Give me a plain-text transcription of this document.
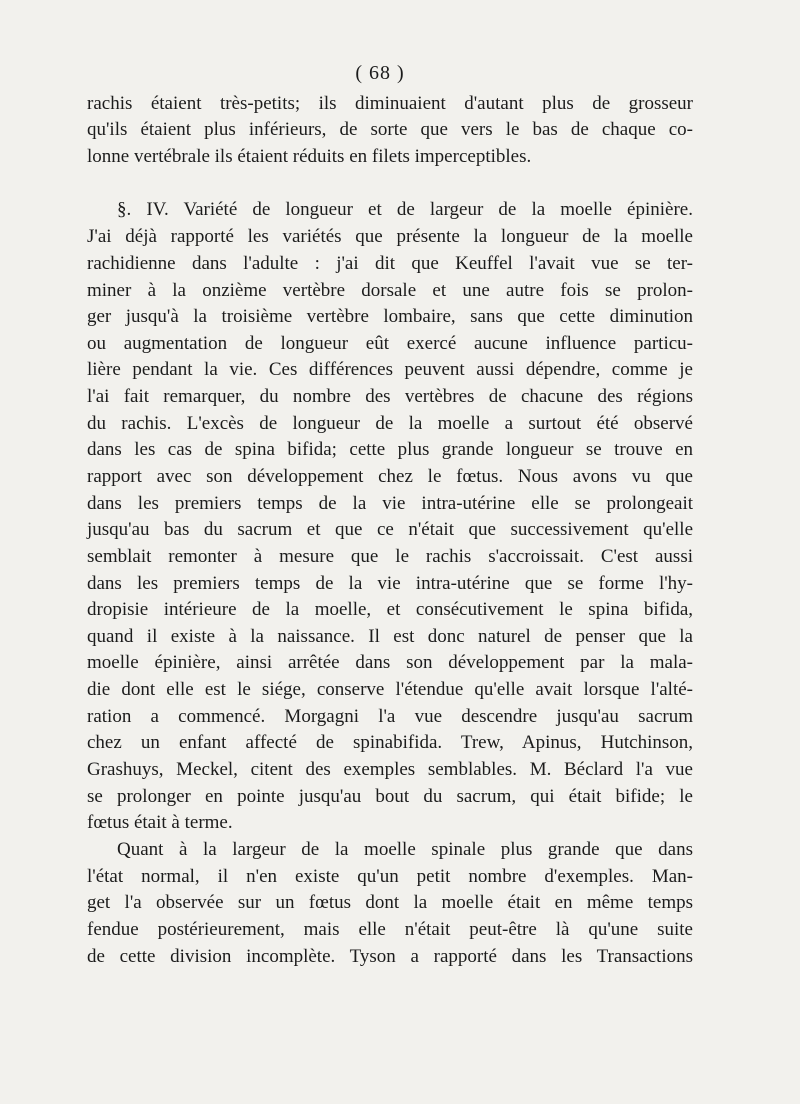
( 68 )
rachis étaient très-petits; ils diminuaient d'autant plus de grosseur
qu'ils étaient plus inférieurs, de sorte que vers le bas de chaque co-
lonne vertébrale ils étaient réduits en filets imperceptibles.
§. IV. Variété de longueur et de largeur de la moelle épinière.
J'ai déjà rapporté les variétés que présente la longueur de la moelle
rachidienne dans l'adulte : j'ai dit que Keuffel l'avait vue se ter-
miner à la onzième vertèbre dorsale et une autre fois se prolon-
ger jusqu'à la troisième vertèbre lombaire, sans que cette diminution
ou augmentation de longueur eût exercé aucune influence particu-
lière pendant la vie. Ces différences peuvent aussi dépendre, comme je
l'ai fait remarquer, du nombre des vertèbres de chacune des régions
du rachis. L'excès de longueur de la moelle a surtout été observé
dans les cas de spina bifida; cette plus grande longueur se trouve en
rapport avec son développement chez le fœtus. Nous avons vu que
dans les premiers temps de la vie intra-utérine elle se prolongeait
jusqu'au bas du sacrum et que ce n'était que successivement qu'elle
semblait remonter à mesure que le rachis s'accroissait. C'est aussi
dans les premiers temps de la vie intra-utérine que se forme l'hy-
dropisie intérieure de la moelle, et consécutivement le spina bifida,
quand il existe à la naissance. Il est donc naturel de penser que la
moelle épinière, ainsi arrêtée dans son développement par la mala-
die dont elle est le siége, conserve l'étendue qu'elle avait lorsque l'alté-
ration a commencé. Morgagni l'a vue descendre jusqu'au sacrum
chez un enfant affecté de spinabifida. Trew, Apinus, Hutchinson,
Grashuys, Meckel, citent des exemples semblables. M. Béclard l'a vue
se prolonger en pointe jusqu'au bout du sacrum, qui était bifide; le
fœtus était à terme.
Quant à la largeur de la moelle spinale plus grande que dans
l'état normal, il n'en existe qu'un petit nombre d'exemples. Man-
get l'a observée sur un fœtus dont la moelle était en même temps
fendue postérieurement, mais elle n'était peut-être là qu'une suite
de cette division incomplète. Tyson a rapporté dans les Transactions
